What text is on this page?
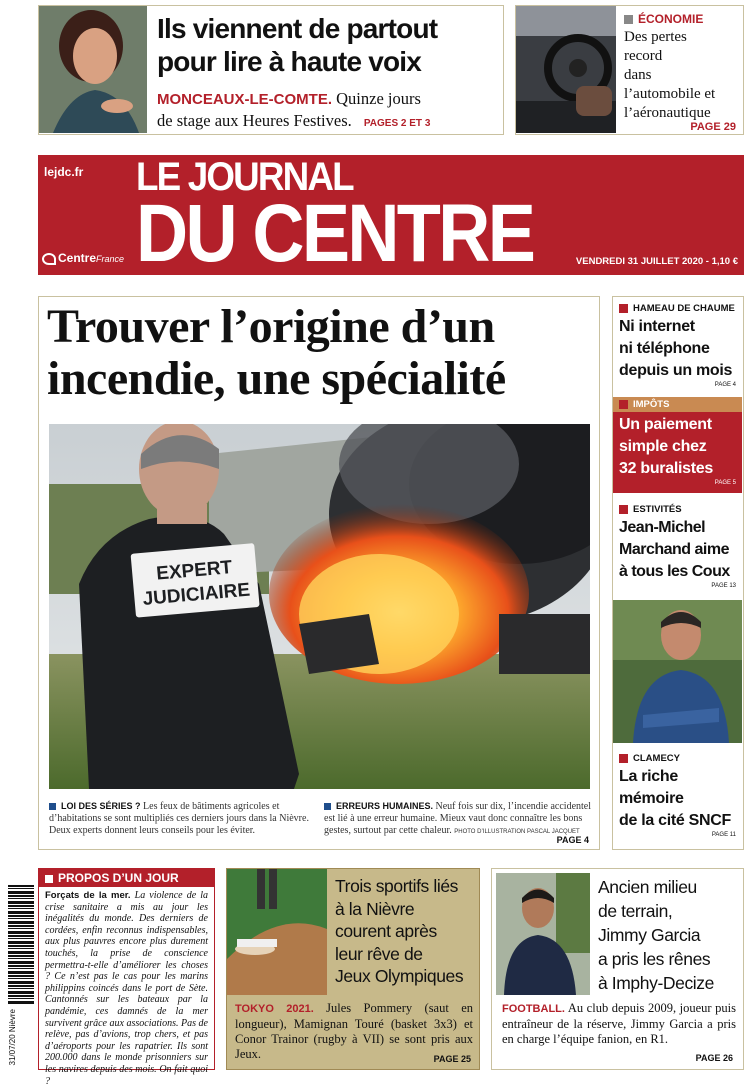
Ils viennent de partout
pour lire à haute voix
MONCEAUX-LE-COMTE. Quinze jours
de stage aux Heures Festives. PAGES 2 ET 3
ÉCONOMIE
Des pertes
record
dans
l’automobile et
l’aéronautique
PAGE 29
lejdc.fr LE JOURNAL
DU CENTRE
CentreFrance	VENDREDI 31 JUILLET 2020 - 1,10 €
Trouver l’origine d’un
incendie, une spécialité
EXPERT
JUDICIAIRE
LOI DES SÉRIES ? Les feux de bâtiments agricoles et d’habitations se sont multipliés ces derniers jours dans la Nièvre. Deux experts donnent leurs conseils pour les éviter.
ERREURS HUMAINES. Neuf fois sur dix, l’incendie accidentel est lié à une erreur humaine. Mieux vaut donc connaître les bons gestes, surtout par cette chaleur. PHOTO D’ILLUSTRATION PASCAL JACQUET
PAGE 4
HAMEAU DE CHAUME
Ni internet
ni téléphone
depuis un mois
PAGE 4
IMPÔTS
Un paiement
simple chez
32 buralistes
PAGE 5
ESTIVITÉS
Jean-Michel
Marchand aime
à tous les Coux
PAGE 13
CLAMECY
La riche
mémoire
de la cité SNCF
PAGE 11
31/07/20 Nièvre
PROPOS D’UN JOUR
Forçats de la mer. La violence de la crise sanitaire a mis au jour les inégalités du monde. Des derniers de cordées, enfin reconnus indispensables, aux plus pauvres encore plus durement touchés, la prise de conscience permettra-t-elle d’améliorer les choses ? Ce n’est pas le cas pour les marins philippins coincés dans le port de Sète. Cantonnés sur les bateaux par la pandémie, ces damnés de la mer survivent grâce aux associations. Pas de relève, pas d’avions, trop chers, et pas d’aéroports pour les rapatrier. Ils sont 200.000 dans le monde prisonniers sur les navires depuis des mois. On fait quoi ?
Trois sportifs liés
à la Nièvre
courent après
leur rêve de
Jeux Olympiques
TOKYO 2021. Jules Pommery (saut en longueur), Mamignan Touré (basket 3x3) et Conor Trainor (rugby à VII) se sont pris aux Jeux.	PAGE 25
Ancien milieu
de terrain,
Jimmy Garcia
a pris les rênes
à Imphy-Decize
FOOTBALL. Au club depuis 2009, joueur puis entraîneur de la réserve, Jimmy Garcia a pris en charge l’équipe fanion, en R1.
PAGE 26
